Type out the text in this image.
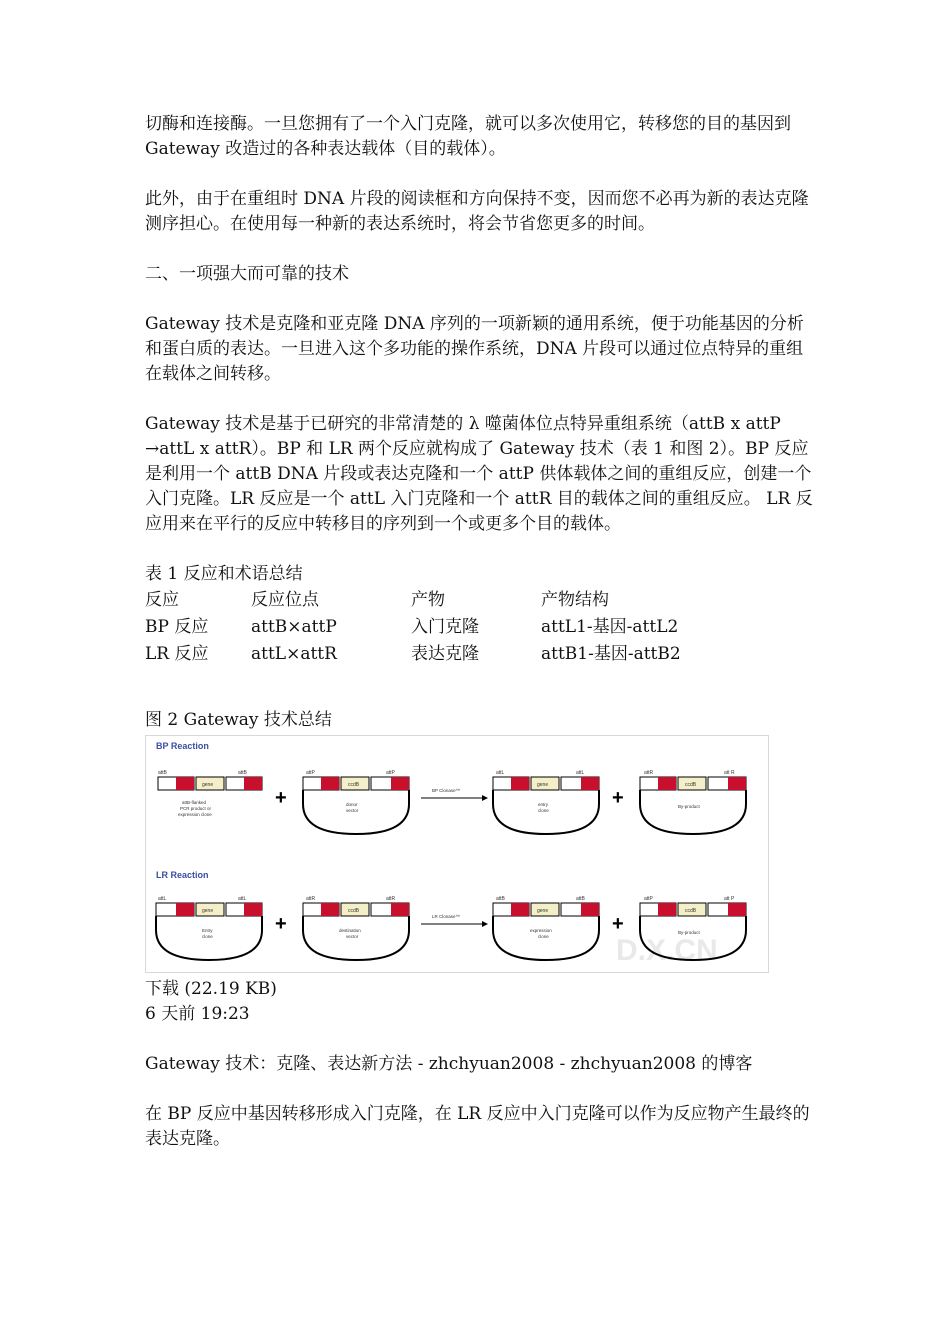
切酶和连接酶。一旦您拥有了一个入门克隆，就可以多次使用它，转移您的目的基因到 Gateway 改造过的各种表达载体（目的载体）。

此外，由于在重组时 DNA 片段的阅读框和方向保持不变，因而您不必再为新的表达克隆测序担心。在使用每一种新的表达系统时，将会节省您更多的时间。

二、一项强大而可靠的技术

Gateway 技术是克隆和亚克隆 DNA 序列的一项新颖的通用系统，便于功能基因的分析和蛋白质的表达。一旦进入这个多功能的操作系统，DNA 片段可以通过位点特异的重组在载体之间转移。

Gateway 技术是基于已研究的非常清楚的 λ 噬菌体位点特异重组系统（attB x attP →attL x attR）。BP 和 LR 两个反应就构成了 Gateway 技术（表 1 和图 2）。BP 反应是利用一个 attB DNA 片段或表达克隆和一个 attP 供体载体之间的重组反应，创建一个入门克隆。LR 反应是一个 attL 入门克隆和一个 attR 目的载体之间的重组反应。 LR 反应用来在平行的反应中转移目的序列到一个或更多个目的载体。

表 1 反应和术语总结

反应	反应位点	产物	产物结构
BP 反应	attB×attP	入门克隆	attL1-基因-attL2
LR 反应	attL×attR	表达克隆	attB1-基因-attB2

图 2 Gateway 技术总结

D.X.CN
BP Reaction
attB	attB
gene
attB-flanked
PCR product or
expression clone
+
attP	attP
ccdB
donor
vector
BP Clonase™
attL	attL
gene
entry
clone
+
attR	att R
ccdB
By-product
LR Reaction
attL	attL
gene
Entry
clone
+
attR	attR
ccdB
destination
vector
LR Clonase™
attB	attB
gene
expression
clone
+
attP	att P
ccdB
By-product

下载 (22.19 KB)

6 天前 19:23

Gateway 技术：克隆、表达新方法 - zhchyuan2008 - zhchyuan2008 的博客

在 BP 反应中基因转移形成入门克隆，在 LR 反应中入门克隆可以作为反应物产生最终的表达克隆。
